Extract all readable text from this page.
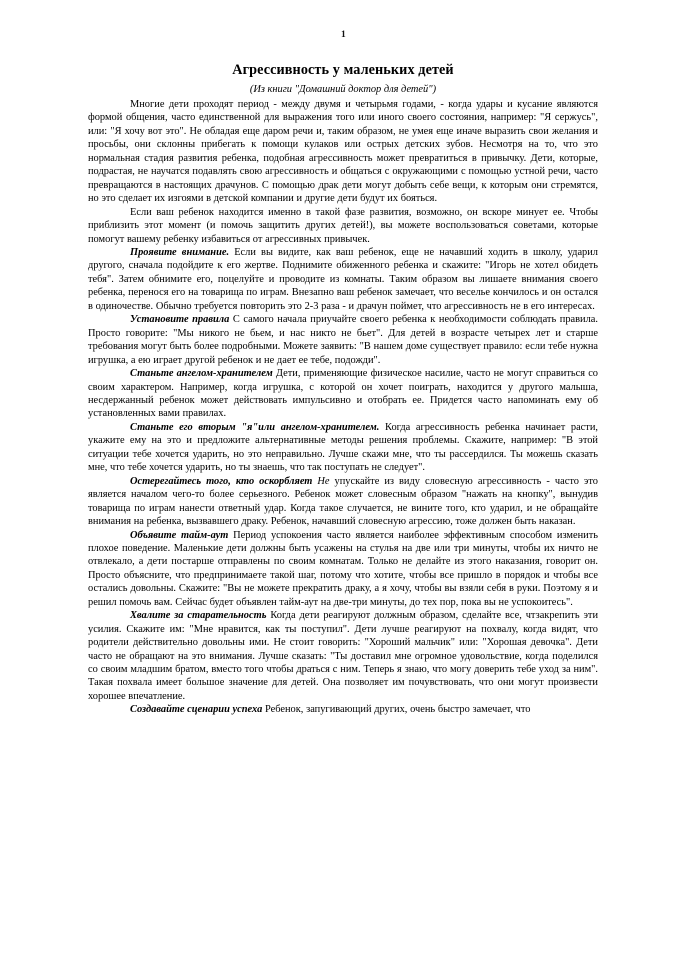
1
Агрессивность у маленьких детей
(Из книги "Домашний доктор для детей")

Многие дети проходят период - между двумя и четырьмя годами, - когда удары и кусание являются формой общения, часто единственной для выражения того или иного своего состояния, например: "Я сержусь", или: "Я хочу вот это". Не обладая еще даром речи и, таким образом, не умея еще иначе выразить свои желания и просьбы, они склонны прибегать к помощи кулаков или острых детских зубов. Несмотря на то, что это нормальная стадия развития ребенка, подобная агрессивность может превратиться в привычку. Дети, которые, подрастая, не научатся подавлять свою агрессивность и общаться с окружающими с помощью устной речи, часто превращаются в настоящих драчунов. С помощью драк дети могут добыть себе вещи, к которым они стремятся, но это сделает их изгоями в детской компании и другие дети будут их бояться.

Если ваш ребенок находится именно в такой фазе развития, возможно, он вскоре минует ее. Чтобы приблизить этот момент (и помочь защитить других детей!), вы можете воспользоваться советами, которые помогут вашему ребенку избавиться от агрессивных привычек.

Проявите внимание. Если вы видите, как ваш ребенок, еще не начавший ходить в школу, ударил другого, сначала подойдите к его жертве. Поднимите обиженного ребенка и скажите: "Игорь не хотел обидеть тебя". Затем обнимите его, поцелуйте и проводите из комнаты. Таким образом вы лишаете внимания своего ребенка, перенося его на товарища по играм. Внезапно ваш ребенок замечает, что веселье кончилось и он остался в одиночестве. Обычно требуется повторить это 2-3 раза - и драчун поймет, что агрессивность не в его интересах.

Установите правила С самого начала приучайте своего ребенка к необходимости соблюдать правила. Просто говорите: "Мы никого не бьем, и нас никто не бьет". Для детей в возрасте четырех лет и старше требования могут быть более подробными. Можете заявить: "В нашем доме существует правило: если тебе нужна игрушка, а ею играет другой ребенок и не дает ее тебе, подожди".

Станьте ангелом-хранителем Дети, применяющие физическое насилие, часто не могут справиться со своим характером. Например, когда игрушка, с которой он хочет поиграть, находится у другого малыша, несдержанный ребенок может действовать импульсивно и отобрать ее. Придется часто напоминать ему об установленных вами правилах.

Станьте его вторым "я"или ангелом-хранителем. Когда агрессивность ребенка начинает расти, укажите ему на это и предложите альтернативные методы решения проблемы. Скажите, например: "В этой ситуации тебе хочется ударить, но это неправильно. Лучше скажи мне, что ты рассердился. Ты можешь сказать мне, что тебе хочется ударить, но ты знаешь, что так поступать не следует".

Остерегайтесь того, кто оскорбляет Не упускайте из виду словесную агрессивность - часто это является началом чего-то более серьезного. Ребенок может словесным образом "нажать на кнопку", вынудив товарища по играм нанести ответный удар. Когда такое случается, не вините того, кто ударил, и не обращайте внимания на ребенка, вызвавшего драку. Ребенок, начавший словесную агрессию, тоже должен быть наказан.

Объявите тайм-аут Период успокоения часто является наиболее эффективным способом изменить плохое поведение. Маленькие дети должны быть усажены на стулья на две или три минуты, чтобы их ничто не отвлекало, а дети постарше отправлены по своим комнатам. Только не делайте из этого наказания, говорит он. Просто объясните, что предпринимаете такой шаг, потому что хотите, чтобы все пришло в порядок и чтобы все остались довольны. Скажите: "Вы не можете прекратить драку, а я хочу, чтобы вы взяли себя в руки. Поэтому я и решил помочь вам. Сейчас будет объявлен тайм-аут на две-три минуты, до тех пор, пока вы не успокоитесь".

Хвалите за старательность Когда дети реагируют должным образом, сделайте все, чтзакрепить эти усилия. Скажите им: "Мне нравится, как ты поступил". Дети лучше реагируют на похвалу, когда видят, что родители действительно довольны ими. Не стоит говорить: "Хороший мальчик" или: "Хорошая девочка". Дети часто не обращают на это внимания. Лучше сказать: "Ты доставил мне огромное удовольствие, когда поделился со своим младшим братом, вместо того чтобы драться с ним. Теперь я знаю, что могу доверить тебе уход за ним". Такая похвала имеет большое значение для детей. Она позволяет им почувствовать, что они могут произвести хорошее впечатление.

Создавайте сценарии успеха Ребенок, запугивающий других, очень быстро замечает, что
